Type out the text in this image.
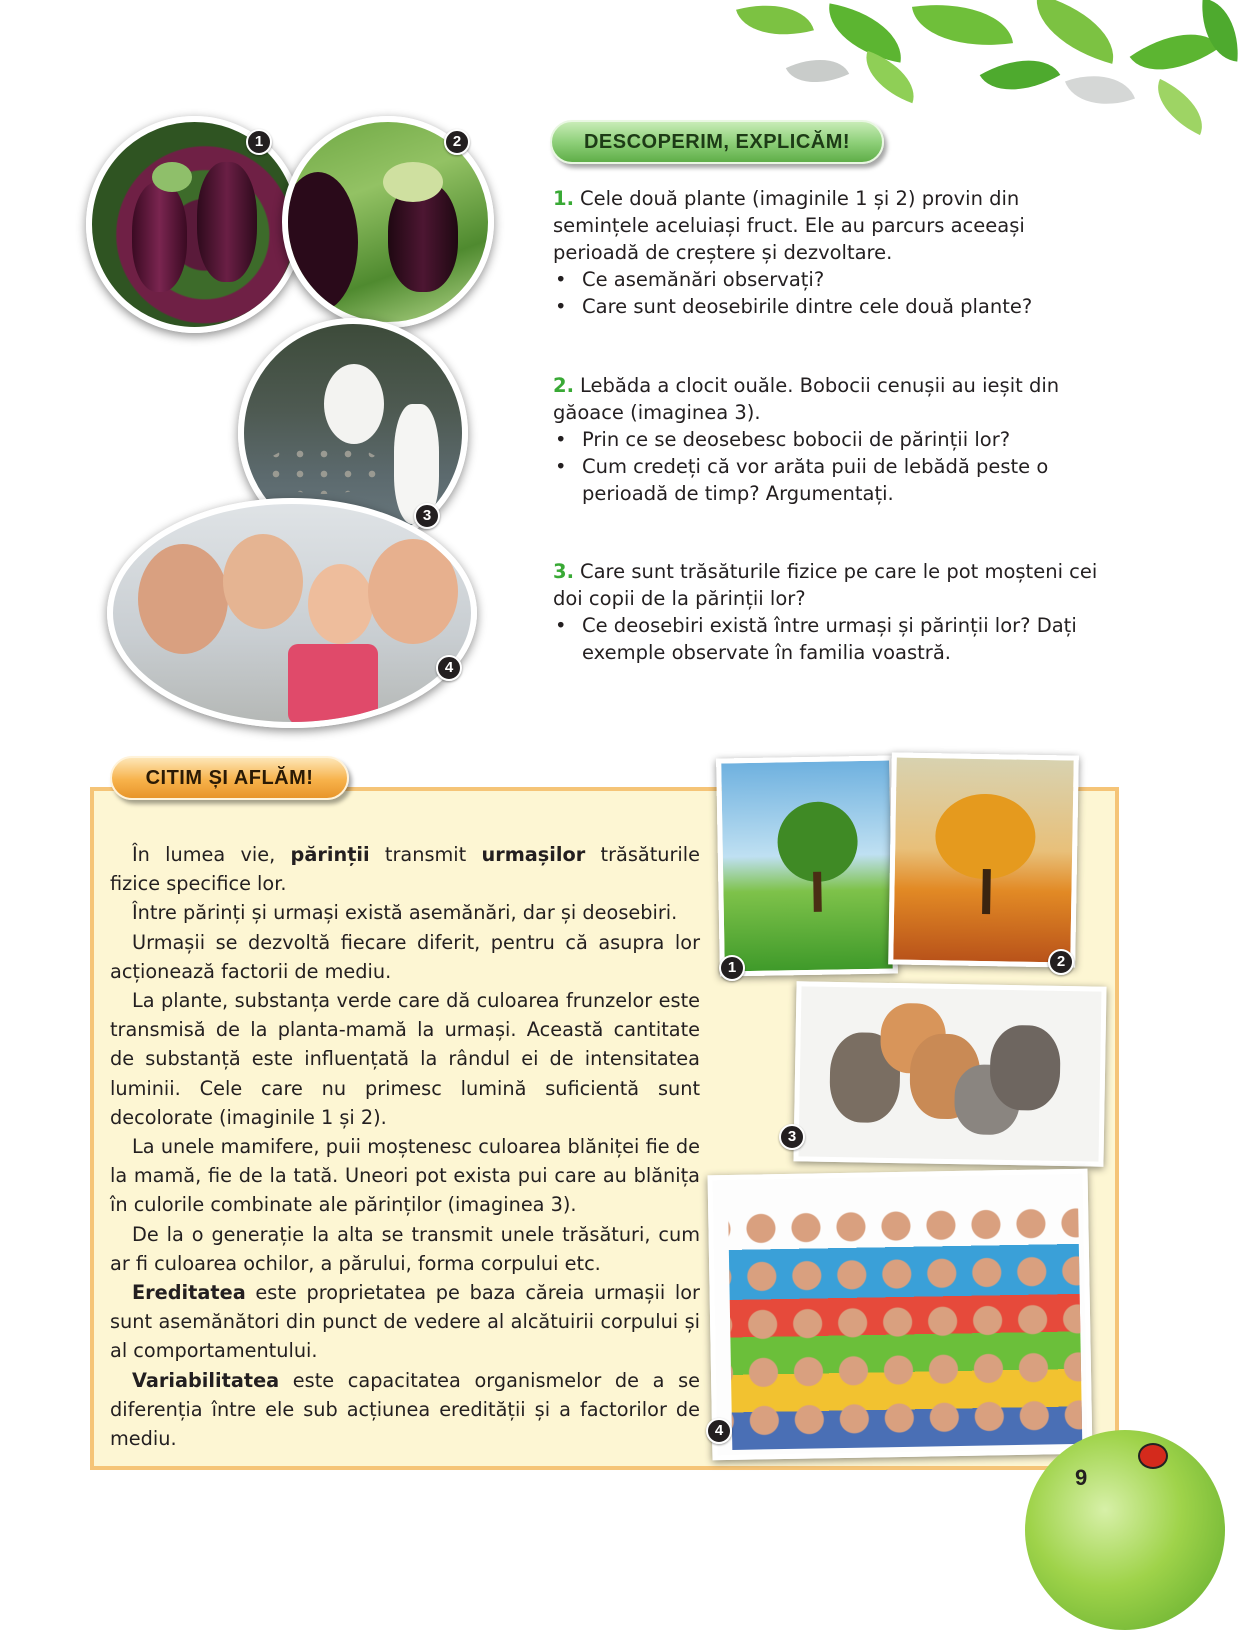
1	2
3
4
DESCOPERIM, EXPLICĂM!

1. Cele două plante (imaginile 1 și 2) provin din semințele aceluiași fruct. Ele au parcurs aceeași perioadă de creștere și dezvoltare.

• Ce asemănări observați?

• Care sunt deosebirile dintre cele două plante?

2. Lebăda a clocit ouăle. Bobocii cenușii au ieșit din găoace (imaginea 3).

• Prin ce se deosebesc bobocii de părinții lor?

• Cum credeți că vor arăta puii de lebădă peste o perioadă de timp? Argumentați.

3. Care sunt trăsăturile fizice pe care le pot moșteni cei doi copii de la părinții lor?

• Ce deosebiri există între urmași și părinții lor? Dați exemple observate în familia voastră.

CITIM ȘI AFLĂM!

În lumea vie, părinții transmit urmașilor trăsăturile fizice specifice lor.

Între părinți și urmași există asemănări, dar și deosebiri.

Urmașii se dezvoltă fiecare diferit, pentru că asupra lor acționează factorii de mediu.

La plante, substanța verde care dă culoarea frunzelor este transmisă de la planta-mamă la urmași. Această cantitate de substanță este influențată la rândul ei de intensitatea luminii. Cele care nu primesc lumină suficientă sunt decolorate (imaginile 1 și 2).

La unele mamifere, puii moștenesc culoarea blăniței fie de la mamă, fie de la tată. Uneori pot exista pui care au blănița în culorile combinate ale părinților (imaginea 3).

De la o generație la alta se transmit unele trăsături, cum ar fi culoarea ochilor, a părului, forma corpului etc.

Ereditatea este proprietatea pe baza căreia urmașii lor sunt asemănători din punct de vedere al alcătuirii corpului și al comportamentului.

Variabilitatea este capacitatea organismelor de a se diferenția între ele sub acțiunea eredității și a factorilor de mediu.

1	2
3
4
9
